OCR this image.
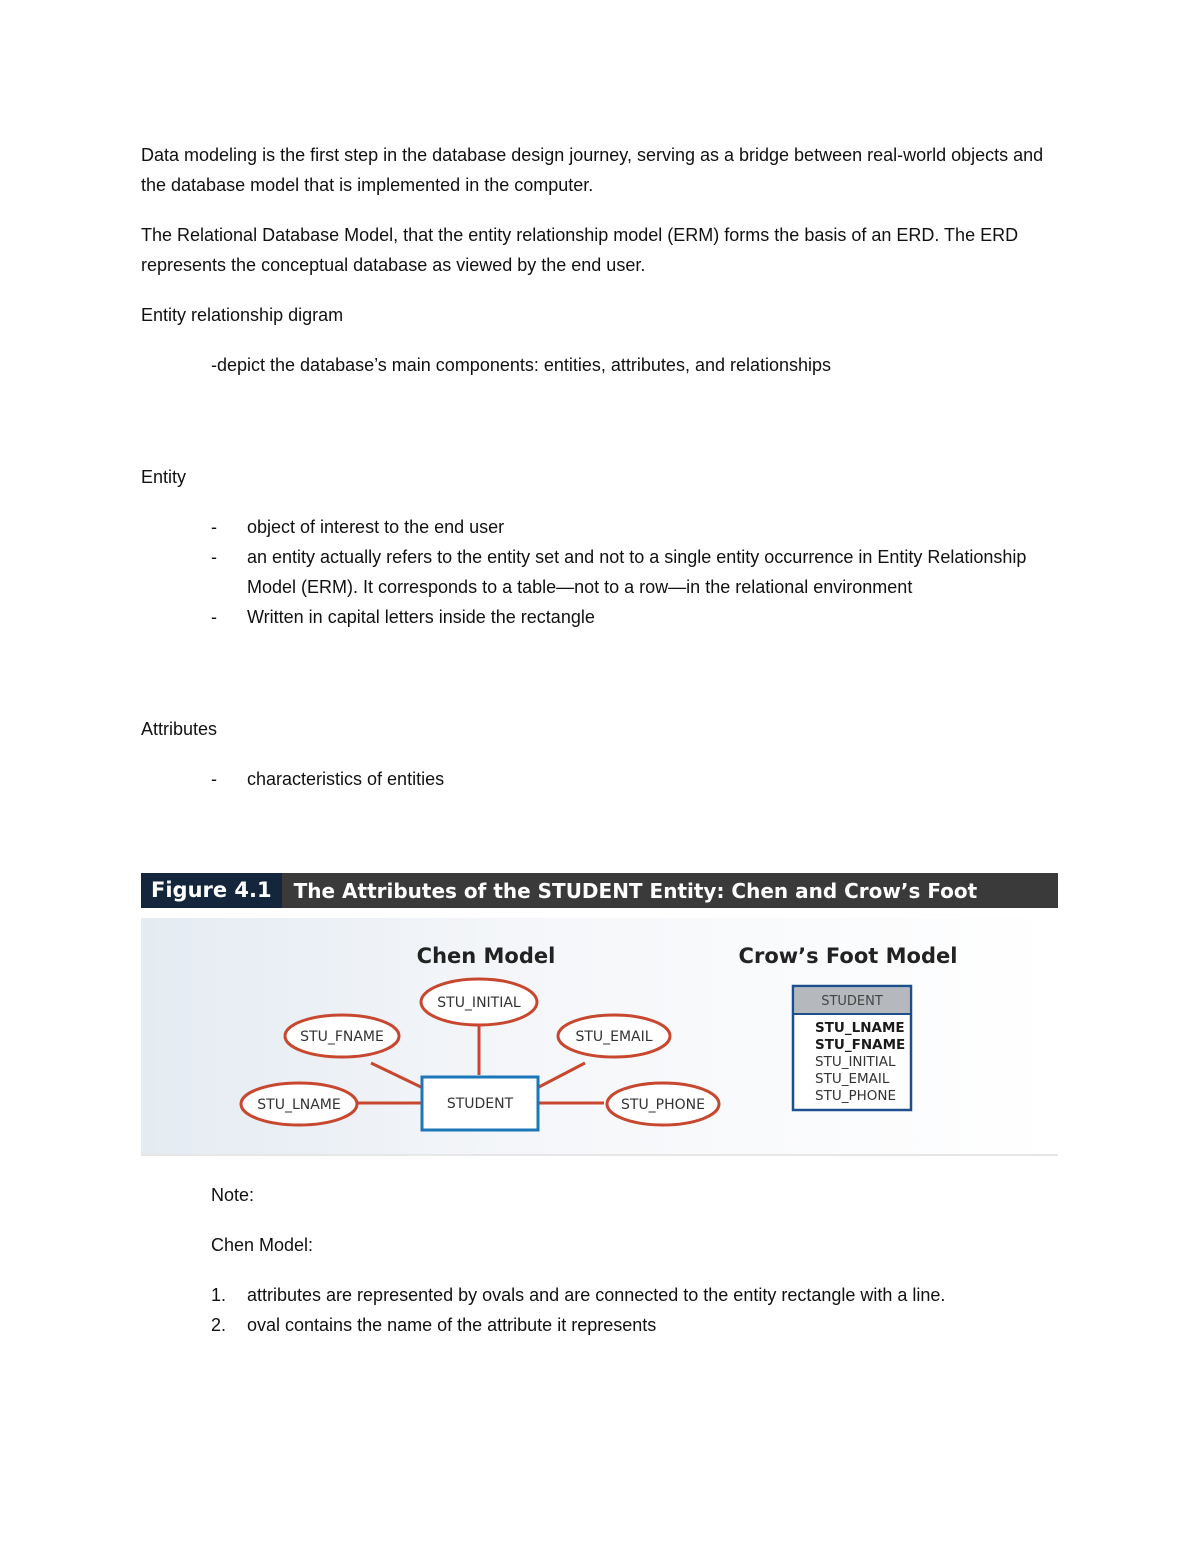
Data modeling is the first step in the database design journey, serving as a bridge between real-world objects and the database model that is implemented in the computer.

The Relational Database Model, that the entity relationship model (ERM) forms the basis of an ERD. The ERD represents the conceptual database as viewed by the end user.

Entity relationship digram

-depict the database’s main components: entities, attributes, and relationships

Entity

-	object of interest to the end user
-	an entity actually refers to the entity set and not to a single entity occurrence in Entity Relationship Model (ERM). It corresponds to a table—not to a row—in the relational environment
-	Written in capital letters inside the rectangle

Attributes

-	characteristics of entities
Figure 4.1	The Attributes of the STUDENT Entity: Chen and Crow’s Foot
Chen Model	Crow’s Foot Model
STU_INITIAL
STU_FNAME	STU_EMAIL
STU_LNAME	STU_PHONE
STUDENT
STUDENT
STU_LNAME
STU_FNAME
STU_INITIAL
STU_EMAIL
STU_PHONE

Note:

Chen Model:

1.	attributes are represented by ovals and are connected to the entity rectangle with a line.
2.	oval contains the name of the attribute it represents
